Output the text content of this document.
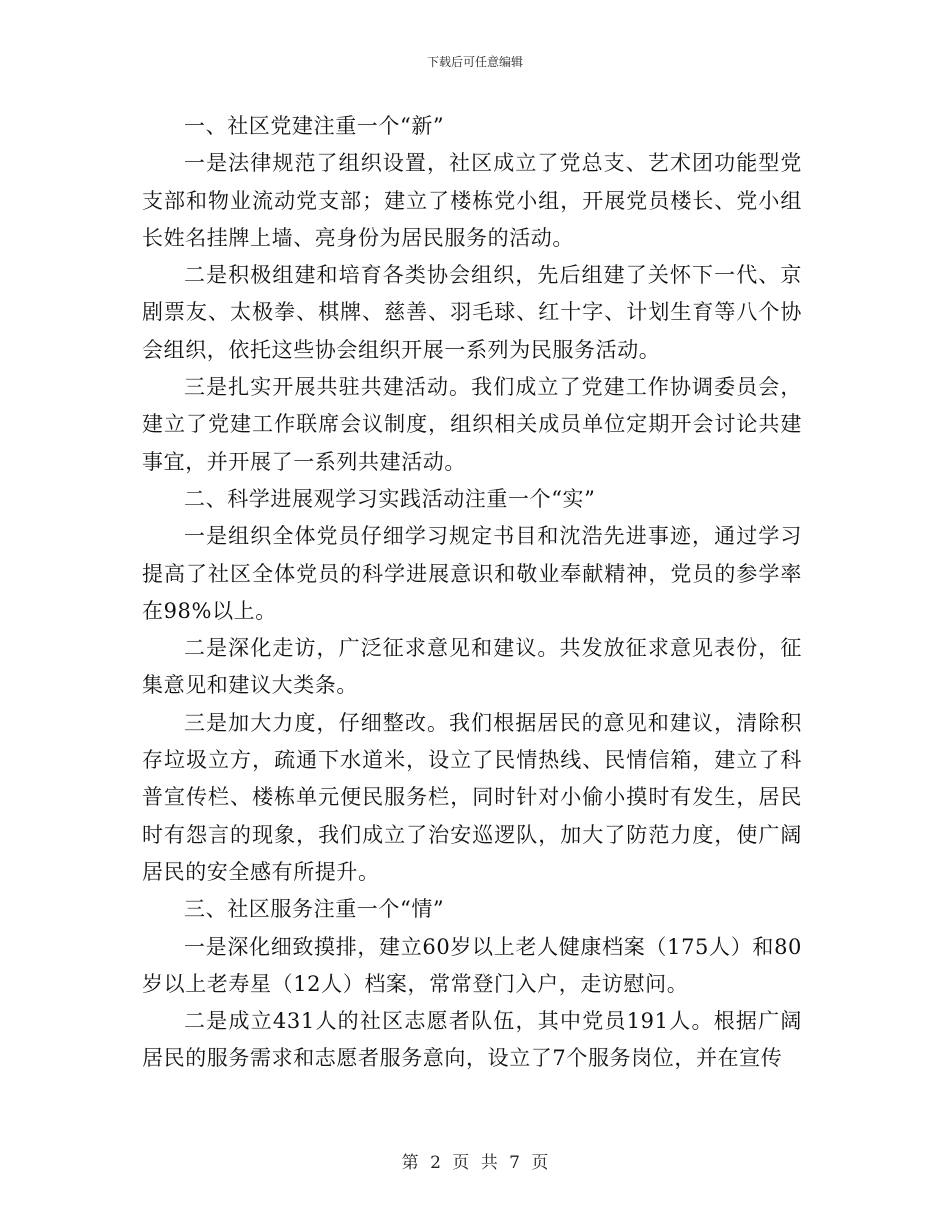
下载后可任意编辑

一、社区党建注重一个“新”

一是法律规范了组织设置，社区成立了党总支、艺术团功能型党支部和物业流动党支部；建立了楼栋党小组，开展党员楼长、党小组长姓名挂牌上墙、亮身份为居民服务的活动。

二是积极组建和培育各类协会组织，先后组建了关怀下一代、京剧票友、太极拳、棋牌、慈善、羽毛球、红十字、计划生育等八个协会组织，依托这些协会组织开展一系列为民服务活动。

三是扎实开展共驻共建活动。我们成立了党建工作协调委员会，建立了党建工作联席会议制度，组织相关成员单位定期开会讨论共建事宜，并开展了一系列共建活动。

二、科学进展观学习实践活动注重一个“实”

一是组织全体党员仔细学习规定书目和沈浩先进事迹，通过学习提高了社区全体党员的科学进展意识和敬业奉献精神，党员的参学率在98%以上。

二是深化走访，广泛征求意见和建议。共发放征求意见表份，征集意见和建议大类条。

三是加大力度，仔细整改。我们根据居民的意见和建议，清除积存垃圾立方，疏通下水道米，设立了民情热线、民情信箱，建立了科普宣传栏、楼栋单元便民服务栏，同时针对小偷小摸时有发生，居民时有怨言的现象，我们成立了治安巡逻队，加大了防范力度，使广阔居民的安全感有所提升。

三、社区服务注重一个“情”

一是深化细致摸排，建立60岁以上老人健康档案（175人）和80岁以上老寿星（12人）档案，常常登门入户，走访慰问。

二是成立431人的社区志愿者队伍，其中党员191人。根据广阔居民的服务需求和志愿者服务意向，设立了7个服务岗位，并在宣传

第 2 页 共 7 页
